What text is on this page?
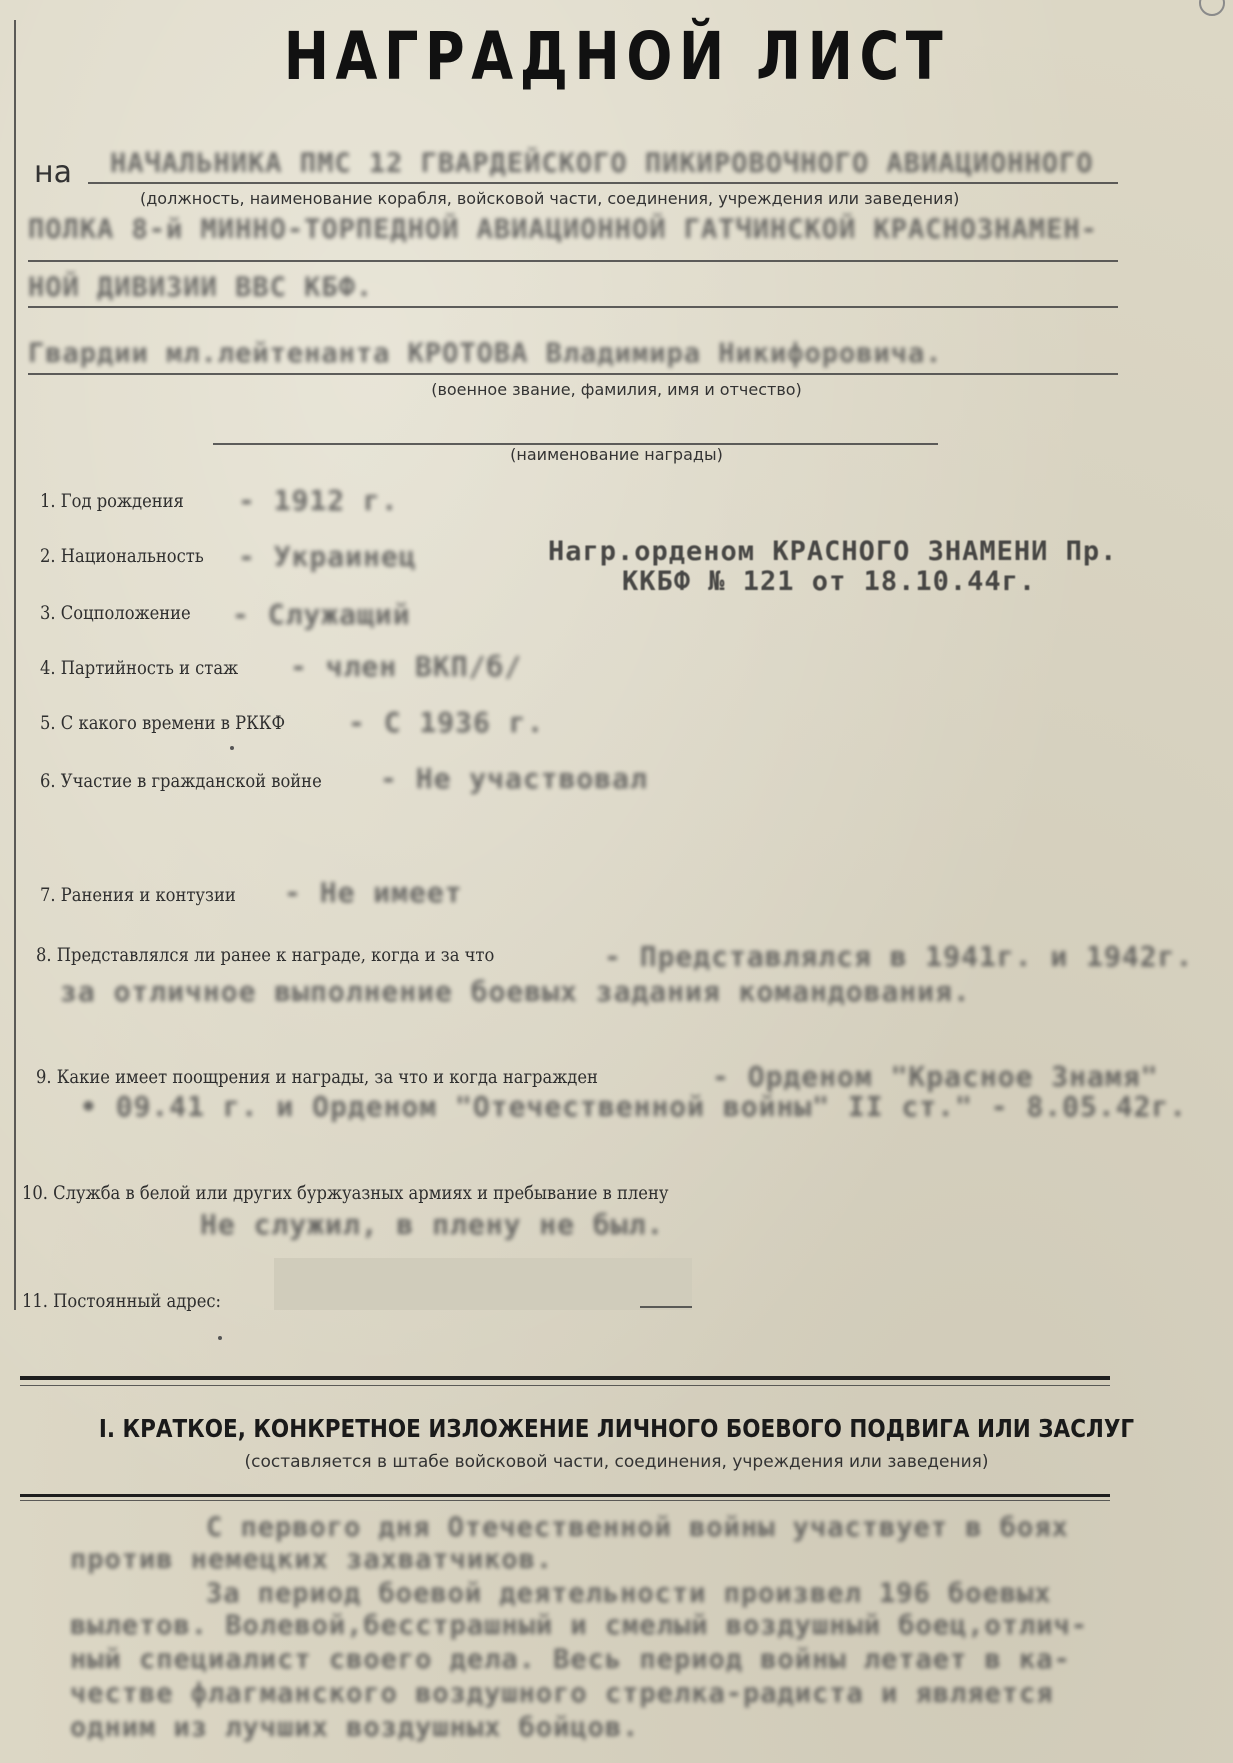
НАГРАДНОЙ ЛИСТ
на НАЧАЛЬНИКА ПМС 12 ГВАРДЕЙСКОГО ПИКИРОВОЧНОГО АВИАЦИОННОГО
(должность, наименование корабля, войсковой части, соединения, учреждения или заведения)
ПОЛКА 8-й МИННО-ТОРПЕДНОЙ АВИАЦИОННОЙ ГАТЧИНСКОЙ КРАСНОЗНАМЕН-
НОЙ ДИВИЗИИ ВВС КБФ.
Гвардии мл.лейтенанта КРОТОВА Владимира Никифоровича.
(военное звание, фамилия, имя и отчество)
(наименование награды)
Нагр.орденом КРАСНОГО ЗНАМЕНИ Пр.
ККБФ № 121 от 18.10.44г.
1. Год рождения - 1912 г.
2. Национальность - Украинец
3. Соцположение - Служащий
4. Партийность и стаж - член ВКП/б/
5. С какого времени в РККФ - С 1936 г.
6. Участие в гражданской войне - Не участвовал
7. Ранения и контузии - Не имеет
8. Представлялся ли ранее к награде, когда и за что	- Представлялся в 1941г. и 1942г.
за отличное выполнение боевых задания командования.
9. Какие имеет поощрения и награды, за что и когда награжден	- Орденом "Красное Знамя"
• 09.41 г. и Орденом "Отечественной войны" II ст." - 8.05.42г.
10. Служба в белой или других буржуазных армиях и пребывание в плену
Не служил, в плену не был.
11. Постоянный адрес:
I. КРАТКОЕ, КОНКРЕТНОЕ ИЗЛОЖЕНИЕ ЛИЧНОГО БОЕВОГО ПОДВИГА ИЛИ ЗАСЛУГ
(составляется в штабе войсковой части, соединения, учреждения или заведения)
С первого дня Отечественной войны участвует в боях
против немецких захватчиков.
За период боевой деятельности произвел 196 боевых
вылетов. Волевой,бесстрашный и смелый воздушный боец,отлич-
ный специалист своего дела. Весь период войны летает в ка-
честве флагманского воздушного стрелка-радиста и является
одним из лучших воздушных бойцов.
